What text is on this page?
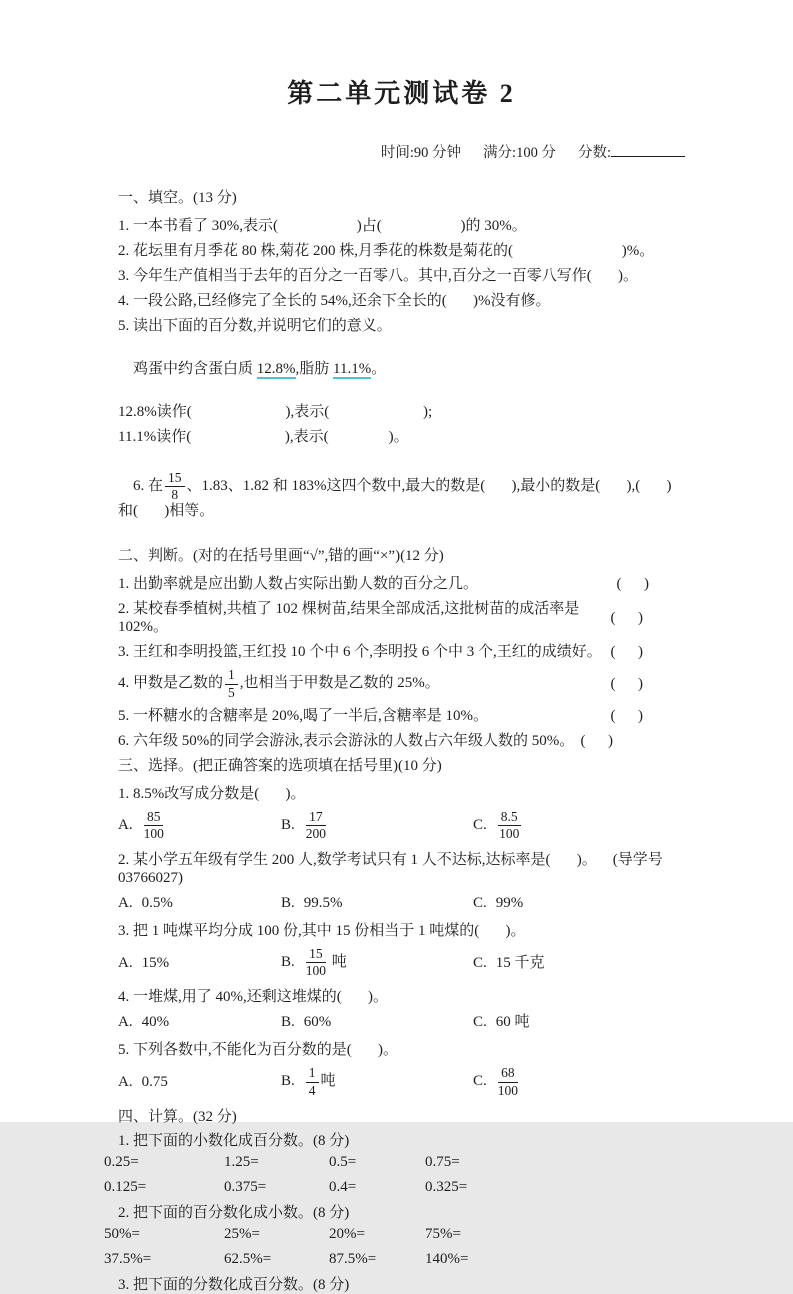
第二单元测试卷 2

时间:90 分钟 满分:100 分 分数:

一、填空。(13 分)
1. 一本书看了 30%,表示(                     )占(                     )的 30%。
2. 花坛里有月季花 80 株,菊花 200 株,月季花的株数是菊花的(                             )%。
3. 今年生产值相当于去年的百分之一百零八。其中,百分之一百零八写作(       )。
4. 一段公路,已经修完了全长的 54%,还余下全长的(       )%没有修。
5. 读出下面的百分数,并说明它们的意义。

鸡蛋中约含蛋白质 12.8%,脂肪 11.1%。

12.8%读作(                         ),表示(                         );
11.1%读作(                         ),表示(                )。

6. 在 $\frac{15}{8}$ 、1.83、1.82 和 183%这四个数中,最大的数是(       ),最小的数是(       ),(       )和(       )相等。

二、判断。(对的在括号里画“√”,错的画“×”)(12 分)
1. 出勤率就是应出勤人数占实际出勤人数的百分之几。	(      )
2. 某校春季植树,共植了 102 棵树苗,结果全部成活,这批树苗的成活率是 102%。
(      )
3. 王红和李明投篮,王红投 10 个中 6 个,李明投 6 个中 3 个,王红的成绩好。 (      )
4. 甲数是乙数的 $\frac{1}{5}$ ,也相当于甲数是乙数的 25%。	(      )
5. 一杯糖水的含糖率是 20%,喝了一半后,含糖率是 10%。	(      )
6. 六年级 50%的同学会游泳,表示会游泳的人数占六年级人数的 50%。 (      )
三、选择。(把正确答案的选项填在括号里)(10 分)
1. 8.5%改写成分数是(       )。
A. $\frac{85}{100}$	B. $\frac{17}{200}$	C. $\frac{8.5}{100}$
2. 某小学五年级有学生 200 人,数学考试只有 1 人不达标,达标率是(       )。 (导学号　03766027)
A. 0.5%	B. 99.5%	C. 99%
3. 把 1 吨煤平均分成 100 份,其中 15 份相当于 1 吨煤的(       )。
A. 15%	B. $\frac{15}{100}$ 吨	C. 15 千克
4. 一堆煤,用了 40%,还剩这堆煤的(       )。
A. 40%	B. 60%	C. 60 吨
5. 下列各数中,不能化为百分数的是(       )。
A. 0.75	B. $\frac{1}{4}$ 吨	C. $\frac{68}{100}$
四、计算。(32 分)
1. 把下面的小数化成百分数。(8 分)
0.25=	1.25=	0.5=	0.75=
0.125=	0.375=	0.4=	0.325=
2. 把下面的百分数化成小数。(8 分)
50%=	25%=	20%=	75%=
37.5%=	62.5%=	87.5%=	140%=
3. 把下面的分数化成百分数。(8 分)
